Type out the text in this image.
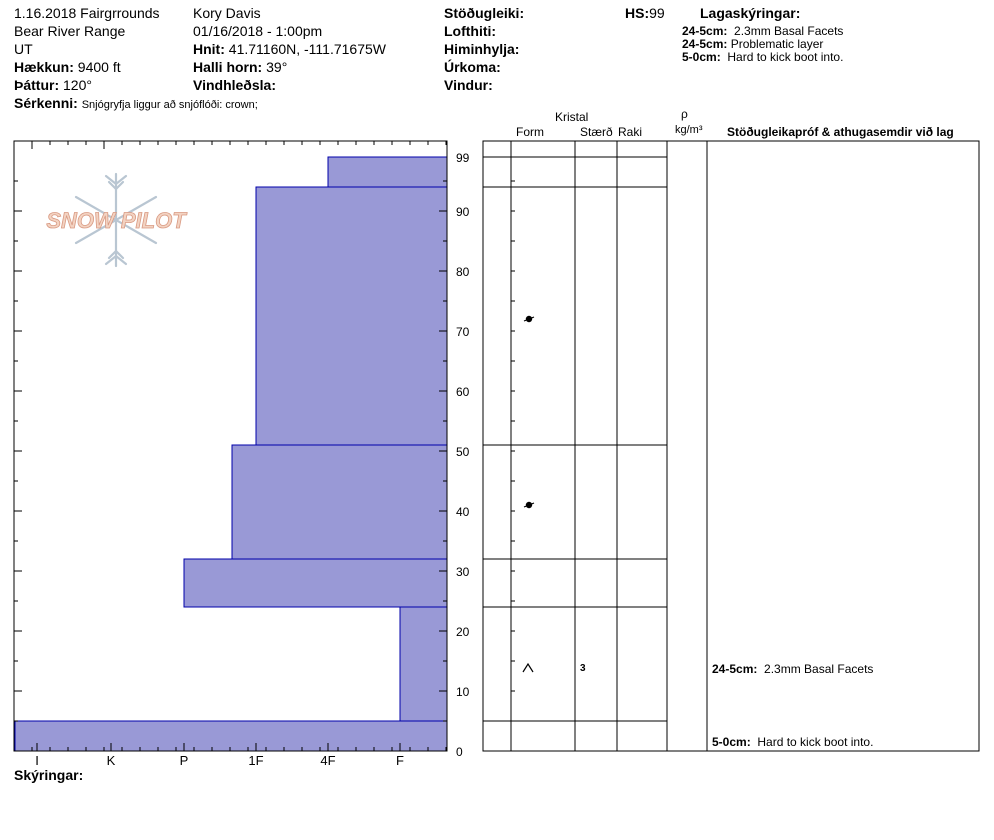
1.16.2018 Fairgrrounds
Bear River Range
UT
Hækkun: 9400 ft
Þáttur: 120°
Sérkenni: Snjógryfja liggur að snjóflóði: crown;
Kory Davis
01/16/2018 - 1:00pm
Hnit: 41.71160N, -111.71675W
Halli horn: 39°
Vindhleðsla:
Stöðugleiki:
Lofthiti:
Himinhylja:
Úrkoma:
Vindur:
HS:99	Lagaskýringar:
24-5cm: 2.3mm Basal Facets
24-5cm: Problematic layer
5-0cm: Hard to kick boot into.
Kristal
Form	Stærð Raki
ρ
kg/m³ Stöðugleikapróf & athugasemdir við lag
24-5cm: 2.3mm Basal Facets
5-0cm: Hard to kick boot into.
Skýringar:
I	K	P	1F	4F	F
0
10
20
30
40
50
60
70
80
90
99
3
SNOW PILOT
